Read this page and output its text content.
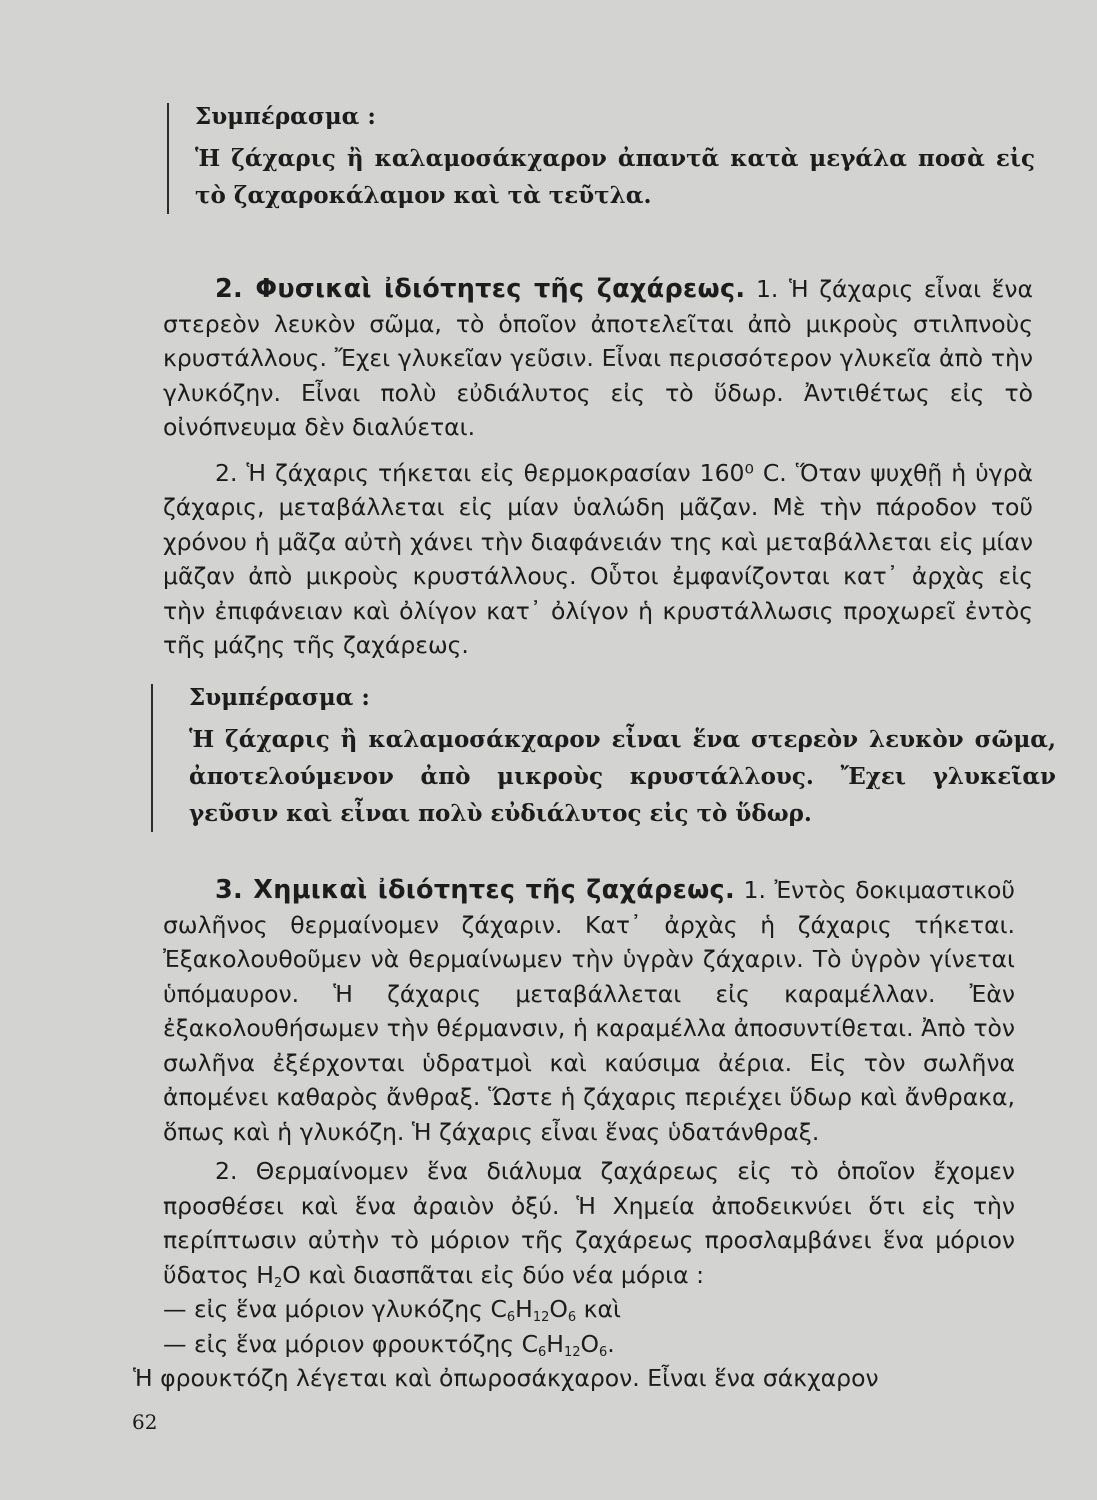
Συμπέρασμα :

Ἡ ζάχαρις ἢ καλαμοσάκχαρον ἀπαντᾶ κατὰ μεγάλα ποσὰ εἰς τὸ ζαχαροκάλαμον καὶ τὰ τεῦτλα.

2. Φυσικαὶ ἰδιότητες τῆς ζαχάρεως. 1. Ἡ ζάχαρις εἶναι ἕνα στερεὸν λευκὸν σῶμα, τὸ ὁποῖον ἀποτελεῖται ἀπὸ μικροὺς στιλπνοὺς κρυστάλλους. Ἔχει γλυκεῖαν γεῦσιν. Εἶναι περισσότερον γλυκεῖα ἀπὸ τὴν γλυκόζην. Εἶναι πολὺ εὐδιάλυτος εἰς τὸ ὕδωρ. Ἀντιθέτως εἰς τὸ οἰνόπνευμα δὲν διαλύεται.

2. Ἡ ζάχαρις τήκεται εἰς θερμοκρασίαν 160⁰ C. Ὅταν ψυχθῇ ἡ ὑγρὰ ζάχαρις, μεταβάλλεται εἰς μίαν ὑαλώδη μᾶζαν. Μὲ τὴν πάροδον τοῦ χρόνου ἡ μᾶζα αὐτὴ χάνει τὴν διαφάνειάν της καὶ μεταβάλλεται εἰς μίαν μᾶζαν ἀπὸ μικροὺς κρυστάλλους. Οὗτοι ἐμφανίζονται κατ᾽ ἀρχὰς εἰς τὴν ἐπιφάνειαν καὶ ὀλίγον κατ᾽ ὀλίγον ἡ κρυστάλλωσις προχωρεῖ ἐντὸς τῆς μάζης τῆς ζαχάρεως.

Συμπέρασμα :

Ἡ ζάχαρις ἢ καλαμοσάκχαρον εἶναι ἕνα στερεὸν λευκὸν σῶμα, ἀποτελούμενον ἀπὸ μικροὺς κρυστάλλους. Ἔχει γλυκεῖαν γεῦσιν καὶ εἶναι πολὺ εὐδιάλυτος εἰς τὸ ὕδωρ.

3. Χημικαὶ ἰδιότητες τῆς ζαχάρεως. 1. Ἐντὸς δοκιμαστικοῦ σωλῆνος θερμαίνομεν ζάχαριν. Κατ᾽ ἀρχὰς ἡ ζάχαρις τήκεται. Ἐξακολουθοῦμεν νὰ θερμαίνωμεν τὴν ὑγρὰν ζάχαριν. Τὸ ὑγρὸν γίνεται ὑπόμαυρον. Ἡ ζάχαρις μεταβάλλεται εἰς καραμέλλαν. Ἐὰν ἐξακολουθήσωμεν τὴν θέρμανσιν, ἡ καραμέλλα ἀποσυντίθεται. Ἀπὸ τὸν σωλῆνα ἐξέρχονται ὑδρατμοὶ καὶ καύσιμα ἀέρια. Εἰς τὸν σωλῆνα ἀπομένει καθαρὸς ἄνθραξ. Ὥστε ἡ ζάχαρις περιέχει ὕδωρ καὶ ἄνθρακα, ὅπως καὶ ἡ γλυκόζη. Ἡ ζάχαρις εἶναι ἕνας ὑδατάνθραξ.

2. Θερμαίνομεν ἕνα διάλυμα ζαχάρεως εἰς τὸ ὁποῖον ἔχομεν προσθέσει καὶ ἕνα ἀραιὸν ὀξύ. Ἡ Χημεία ἀποδεικνύει ὅτι εἰς τὴν περίπτωσιν αὐτὴν τὸ μόριον τῆς ζαχάρεως προσλαμβάνει ἕνα μόριον ὕδατος $H_2O$ καὶ διασπᾶται εἰς δύο νέα μόρια :

— εἰς ἕνα μόριον γλυκόζης $C_6H_{12}O_6$ καὶ

— εἰς ἕνα μόριον φρουκτόζης $C_6H_{12}O_6$.

Ἡ φρουκτόζη λέγεται καὶ ὀπωροσάκχαρον. Εἶναι ἕνα σάκχαρον

62
